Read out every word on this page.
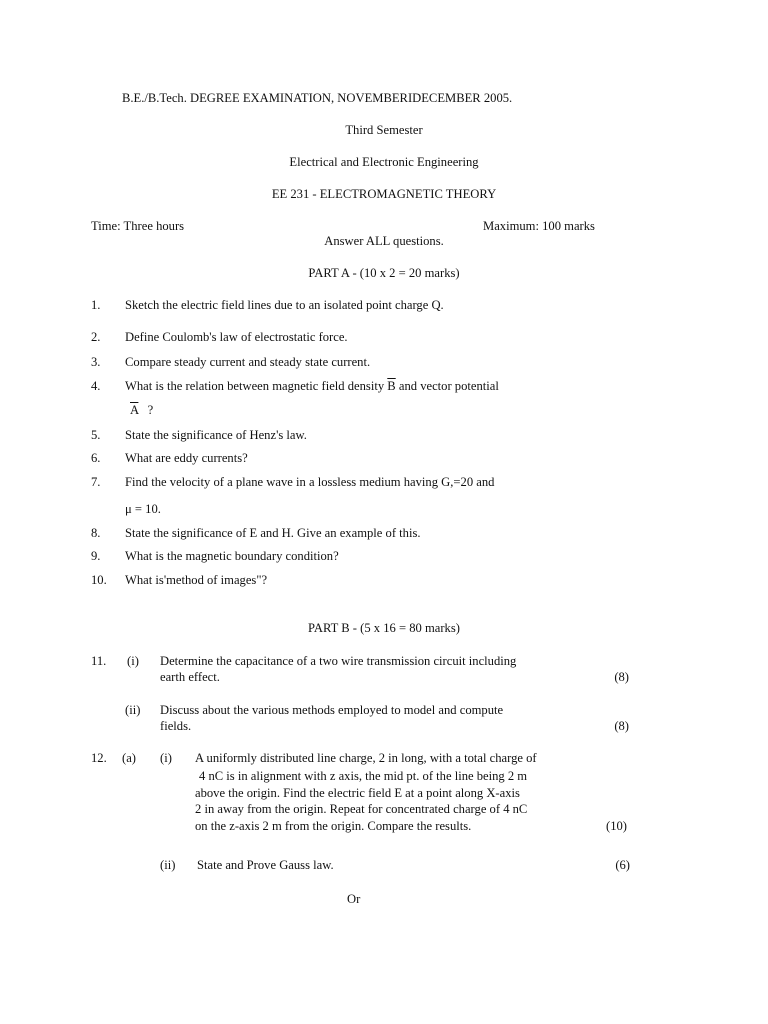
B.E./B.Tech. DEGREE EXAMINATION, NOVEMBERIDECEMBER 2005.
Third Semester
Electrical and Electronic Engineering
EE 231 - ELECTROMAGNETIC THEORY
Time: Three hours	Maximum: 100 marks
Answer ALL questions.
PART A - (10 x 2 = 20 marks)
1. Sketch the electric field lines due to an isolated point charge Q.
2. Define Coulomb's law of electrostatic force.
3. Compare steady current and steady state current.
4. What is the relation between magnetic field density $\overline{B}$ and vector potential
$\overline{A}$ ?
5. State the significance of Henz's law.
6. What are eddy currents?
7. Find the velocity of a plane wave in a lossless medium having G,=20 and
μ = 10.
8. State the significance of E and H. Give an example of this.
9. What is the magnetic boundary condition?
10. What is'method of images"?
PART B - (5 x 16 = 80 marks)
11. (i) Determine the capacitance of a two wire transmission circuit including
earth effect.	(8)
(ii) Discuss about the various methods employed to model and compute
fields.	(8)
12. (a) (i) A uniformly distributed line charge, 2 in long, with a total charge of
4 nC is in alignment with z axis, the mid pt. of the line being 2 m
above the origin. Find the electric field E at a point along X-axis
2 in away from the origin. Repeat for concentrated charge of 4 nC
on the z-axis 2 m from the origin. Compare the results.	(10)
(ii) State and Prove Gauss law.	(6)
Or
